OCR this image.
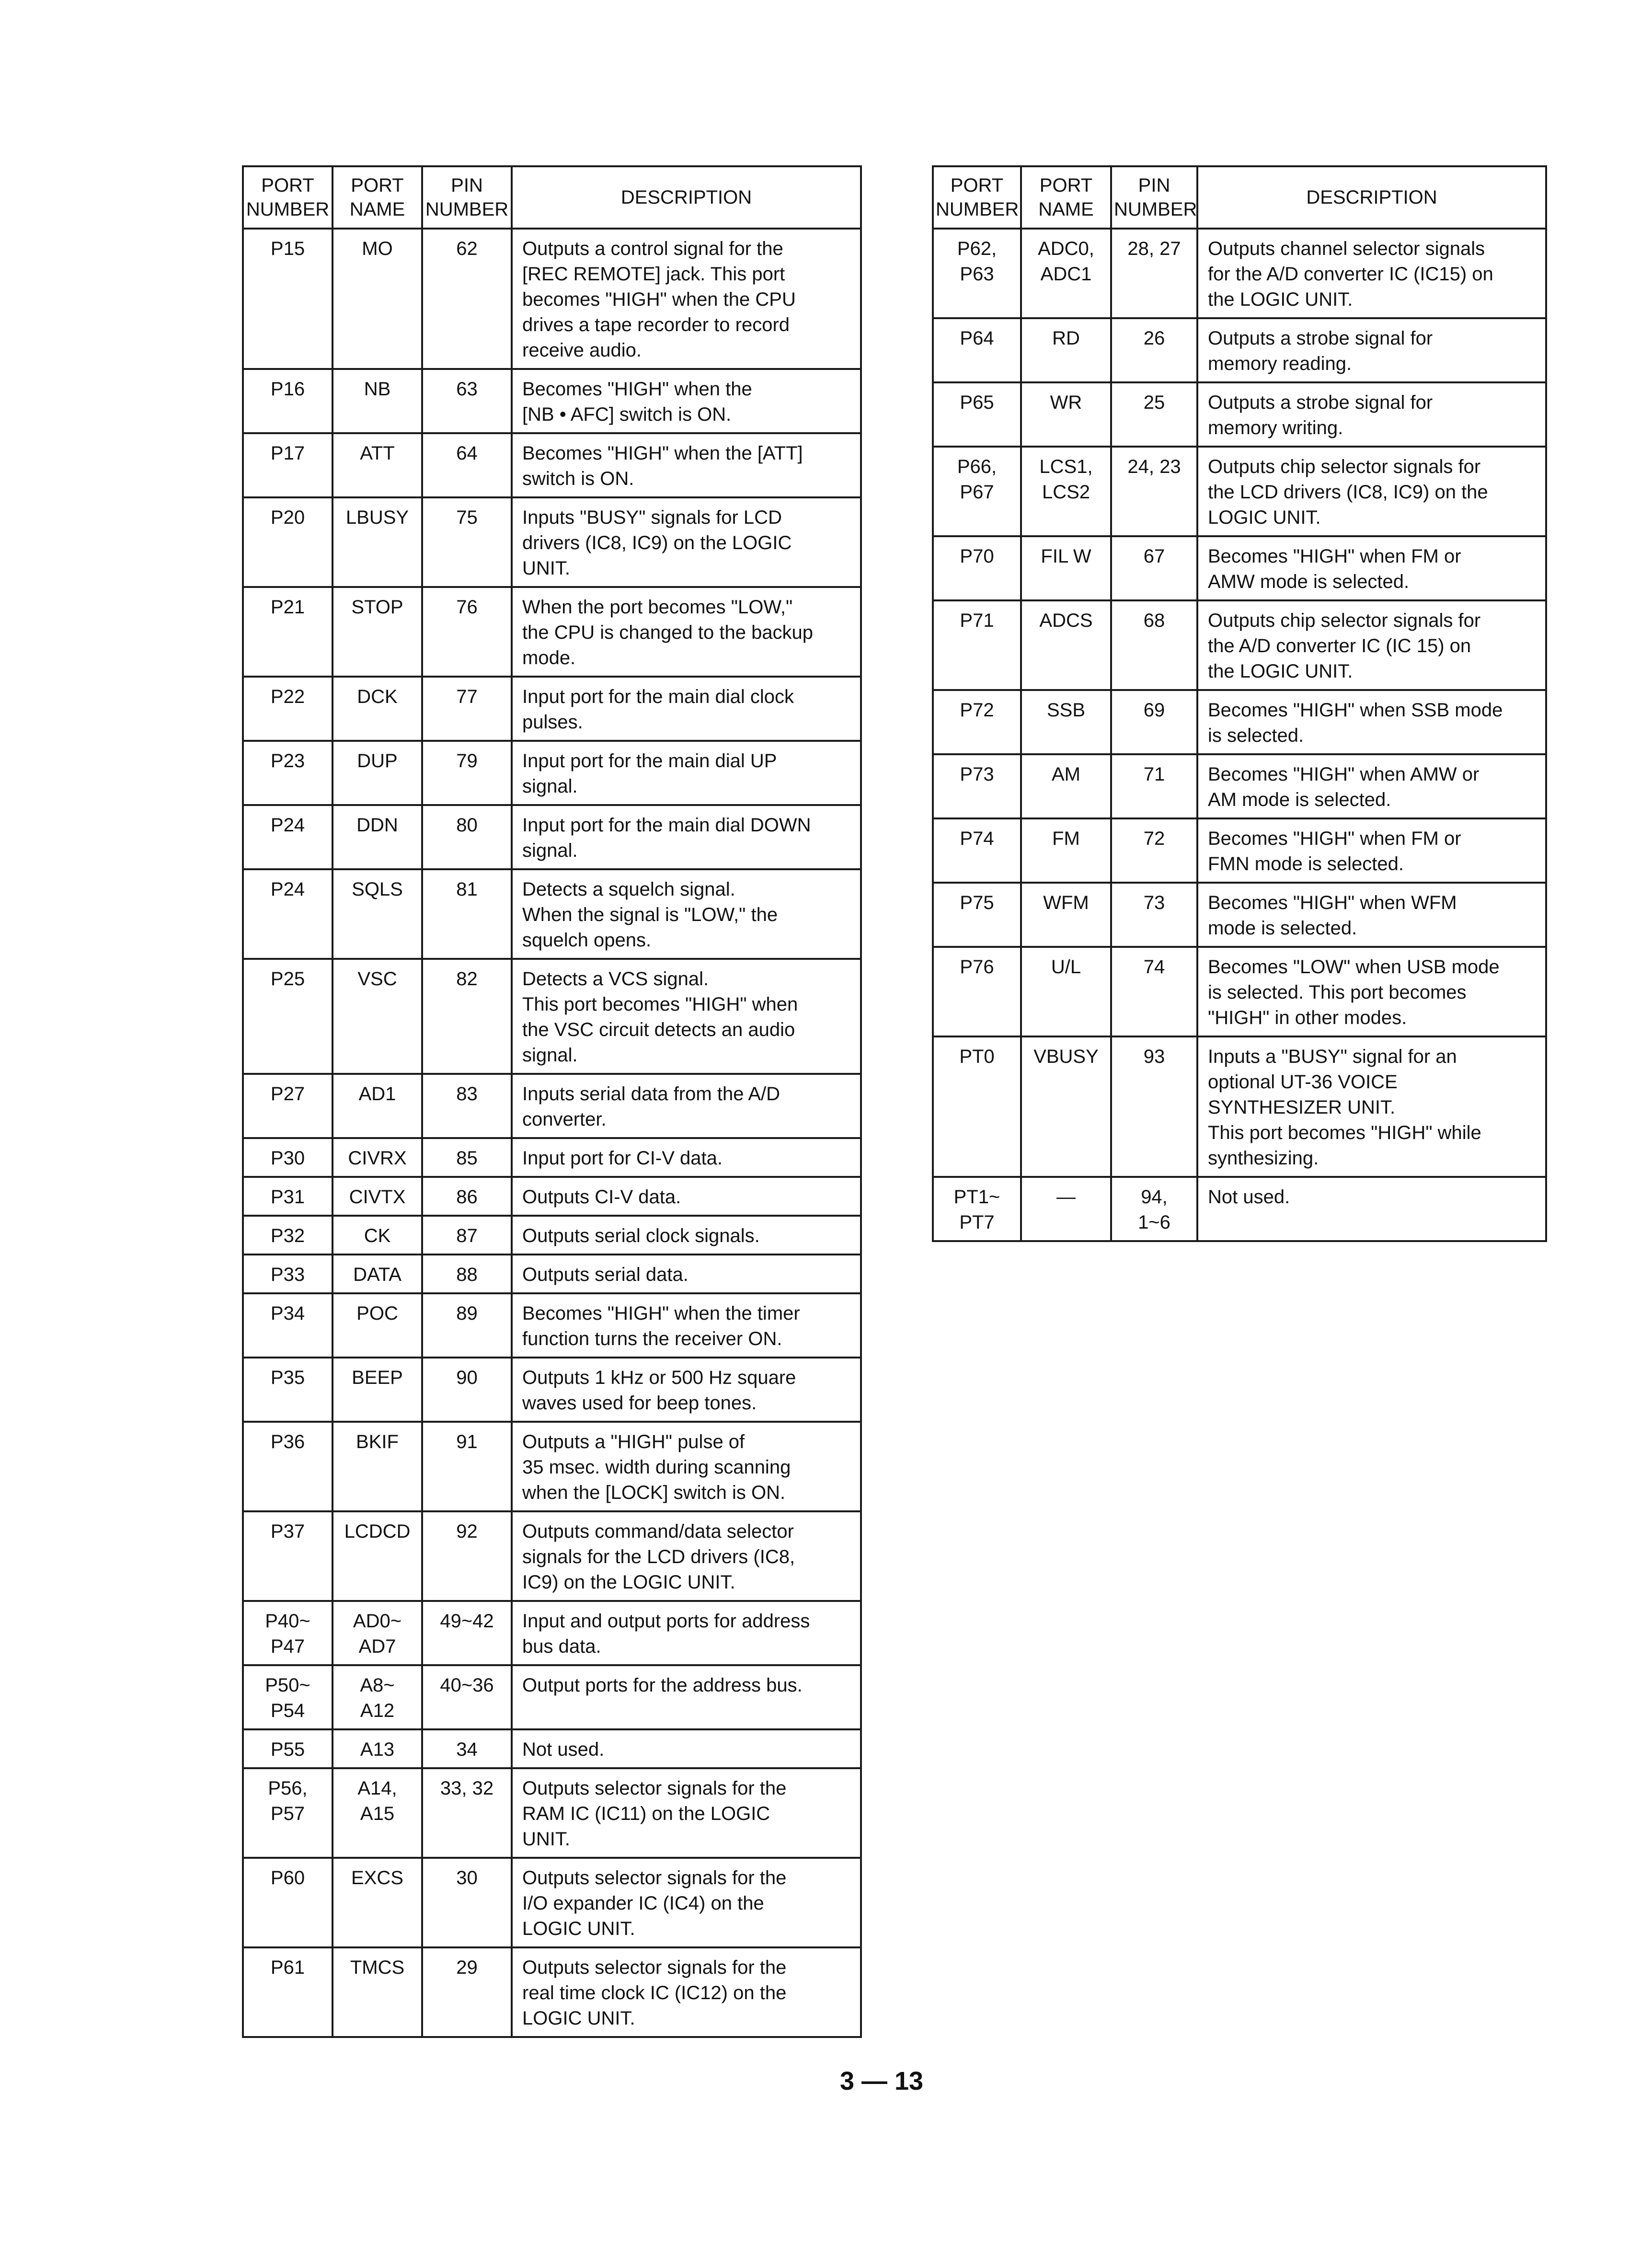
PORT
NUMBER	PORT
NAME	PIN
NUMBER	DESCRIPTION
P15	MO	62	Outputs a control signal for the
[REC REMOTE] jack. This port
becomes "HIGH" when the CPU
drives a tape recorder to record
receive audio.
P16	NB	63	Becomes "HIGH" when the
[NB • AFC] switch is ON.
P17	ATT	64	Becomes "HIGH" when the [ATT]
switch is ON.
P20	LBUSY	75	Inputs "BUSY" signals for LCD
drivers (IC8, IC9) on the LOGIC
UNIT.
P21	STOP	76	When the port becomes "LOW,"
the CPU is changed to the backup
mode.
P22	DCK	77	Input port for the main dial clock
pulses.
P23	DUP	79	Input port for the main dial UP
signal.
P24	DDN	80	Input port for the main dial DOWN
signal.
P24	SQLS	81	Detects a squelch signal.
When the signal is "LOW," the
squelch opens.
P25	VSC	82	Detects a VCS signal.
This port becomes "HIGH" when
the VSC circuit detects an audio
signal.
P27	AD1	83	Inputs serial data from the A/D
converter.
P30	CIVRX	85	Input port for CI-V data.
P31	CIVTX	86	Outputs CI-V data.
P32	CK	87	Outputs serial clock signals.
P33	DATA	88	Outputs serial data.
P34	POC	89	Becomes "HIGH" when the timer
function turns the receiver ON.
P35	BEEP	90	Outputs 1 kHz or 500 Hz square
waves used for beep tones.
P36	BKIF	91	Outputs a "HIGH" pulse of
35 msec. width during scanning
when the [LOCK] switch is ON.
P37	LCDCD	92	Outputs command/data selector
signals for the LCD drivers (IC8,
IC9) on the LOGIC UNIT.
P40~
P47	AD0~
AD7	49~42	Input and output ports for address
bus data.
P50~
P54	A8~
A12	40~36	Output ports for the address bus.
P55	A13	34	Not used.
P56,
P57	A14,
A15	33, 32	Outputs selector signals for the
RAM IC (IC11) on the LOGIC
UNIT.
P60	EXCS	30	Outputs selector signals for the
I/O expander IC (IC4) on the
LOGIC UNIT.
P61	TMCS	29	Outputs selector signals for the
real time clock IC (IC12) on the
LOGIC UNIT.
PORT
NUMBER	PORT
NAME	PIN
NUMBER	DESCRIPTION
P62,
P63	ADC0,
ADC1	28, 27	Outputs channel selector signals
for the A/D converter IC (IC15) on
the LOGIC UNIT.
P64	RD	26	Outputs a strobe signal for
memory reading.
P65	WR	25	Outputs a strobe signal for
memory writing.
P66,
P67	LCS1,
LCS2	24, 23	Outputs chip selector signals for
the LCD drivers (IC8, IC9) on the
LOGIC UNIT.
P70	FIL W	67	Becomes "HIGH" when FM or
AMW mode is selected.
P71	ADCS	68	Outputs chip selector signals for
the A/D converter IC (IC 15) on
the LOGIC UNIT.
P72	SSB	69	Becomes "HIGH" when SSB mode
is selected.
P73	AM	71	Becomes "HIGH" when AMW or
AM mode is selected.
P74	FM	72	Becomes "HIGH" when FM or
FMN mode is selected.
P75	WFM	73	Becomes "HIGH" when WFM
mode is selected.
P76	U/L	74	Becomes "LOW" when USB mode
is selected. This port becomes
"HIGH" in other modes.
PT0	VBUSY	93	Inputs a "BUSY" signal for an
optional UT-36 VOICE
SYNTHESIZER UNIT.
This port becomes "HIGH" while
synthesizing.
PT1~
PT7	—	94,
1~6	Not used.
3 — 13
